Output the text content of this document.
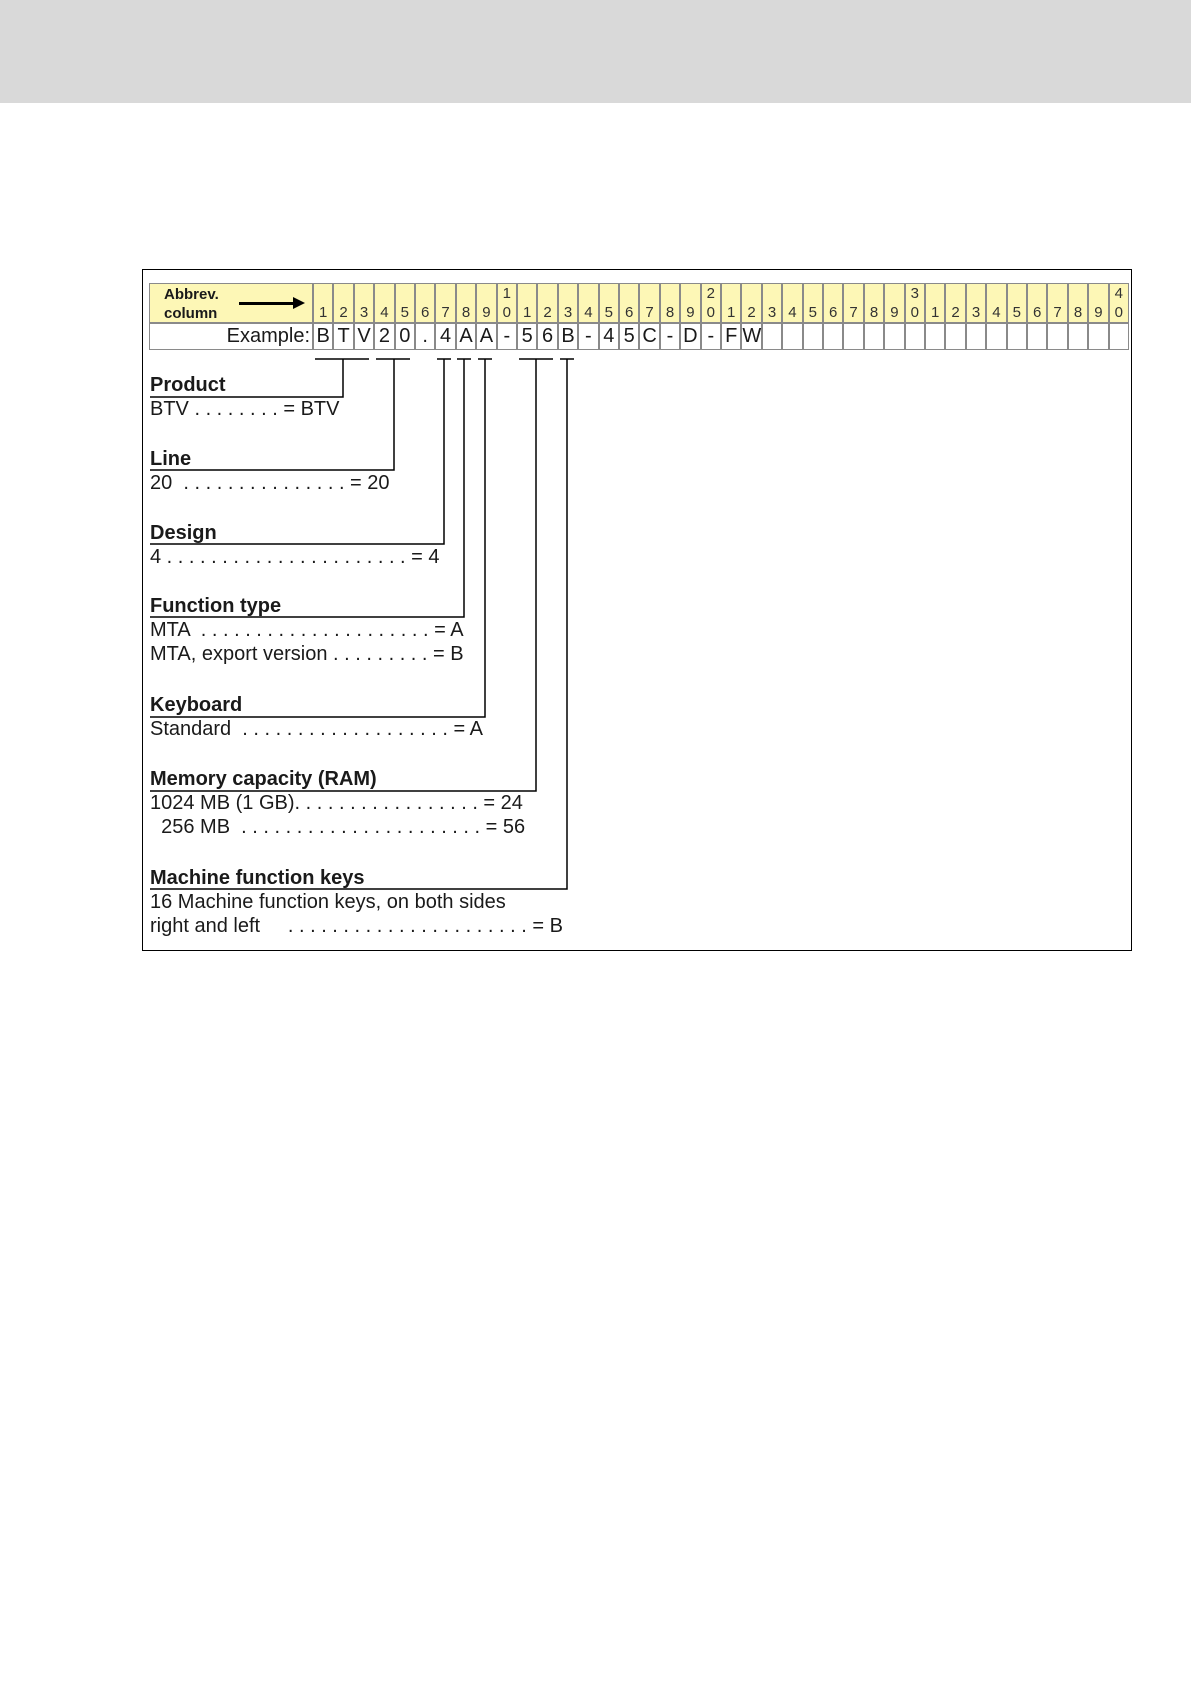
Abbrev.
column	1 2 3 4 5 6 7 8 9
1
0 1 2 3 4 5 6 7 8 9
2
0 1 2 3 4 5 6 7 8 9
3
0 1 2 3 4 5 6 7 8 9
4
0
Example: B T V 2 0 . 4 A A - 5 6 B - 4 5 C - D - F W
Product
BTV . . . . . . . . = BTV
Line
20  . . . . . . . . . . . . . . . = 20
Design
4 . . . . . . . . . . . . . . . . . . . . . . = 4
Function type
MTA  . . . . . . . . . . . . . . . . . . . . . = A
MTA, export version . . . . . . . . . = B
Keyboard
Standard  . . . . . . . . . . . . . . . . . . . = A
Memory capacity (RAM)
1024 MB (1 GB). . . . . . . . . . . . . . . . . = 24
256 MB  . . . . . . . . . . . . . . . . . . . . . . = 56
Machine function keys
16 Machine function keys, on both sides
right and left     . . . . . . . . . . . . . . . . . . . . . . = B
